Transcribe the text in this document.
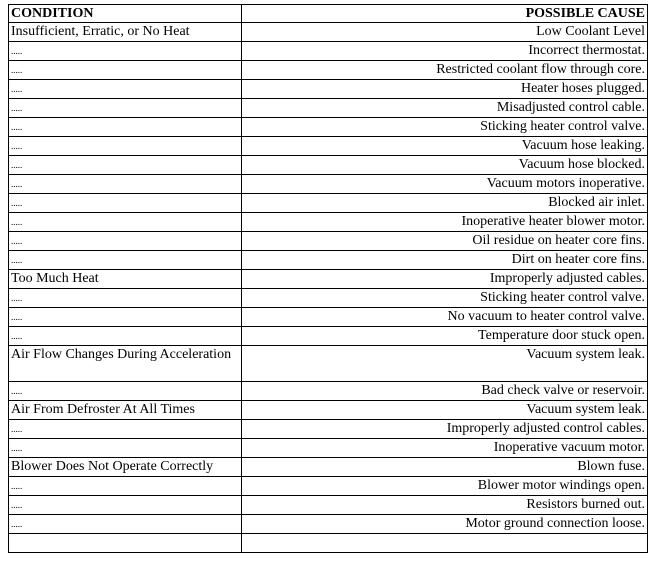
CONDITION	POSSIBLE CAUSE
Insufficient, Erratic, or No Heat	Low Coolant Level
.....	Incorrect thermostat.
.....	Restricted coolant flow through core.
.....	Heater hoses plugged.
.....	Misadjusted control cable.
.....	Sticking heater control valve.
.....	Vacuum hose leaking.
.....	Vacuum hose blocked.
.....	Vacuum motors inoperative.
.....	Blocked air inlet.
.....	Inoperative heater blower motor.
.....	Oil residue on heater core fins.
.....	Dirt on heater core fins.
Too Much Heat	Improperly adjusted cables.
.....	Sticking heater control valve.
.....	No vacuum to heater control valve.
.....	Temperature door stuck open.
Air Flow Changes During Acceleration	Vacuum system leak.
.....	Bad check valve or reservoir.
Air From Defroster At All Times	Vacuum system leak.
.....	Improperly adjusted control cables.
.....	Inoperative vacuum motor.
Blower Does Not Operate Correctly	Blown fuse.
.....	Blower motor windings open.
.....	Resistors burned out.
.....	Motor ground connection loose.
